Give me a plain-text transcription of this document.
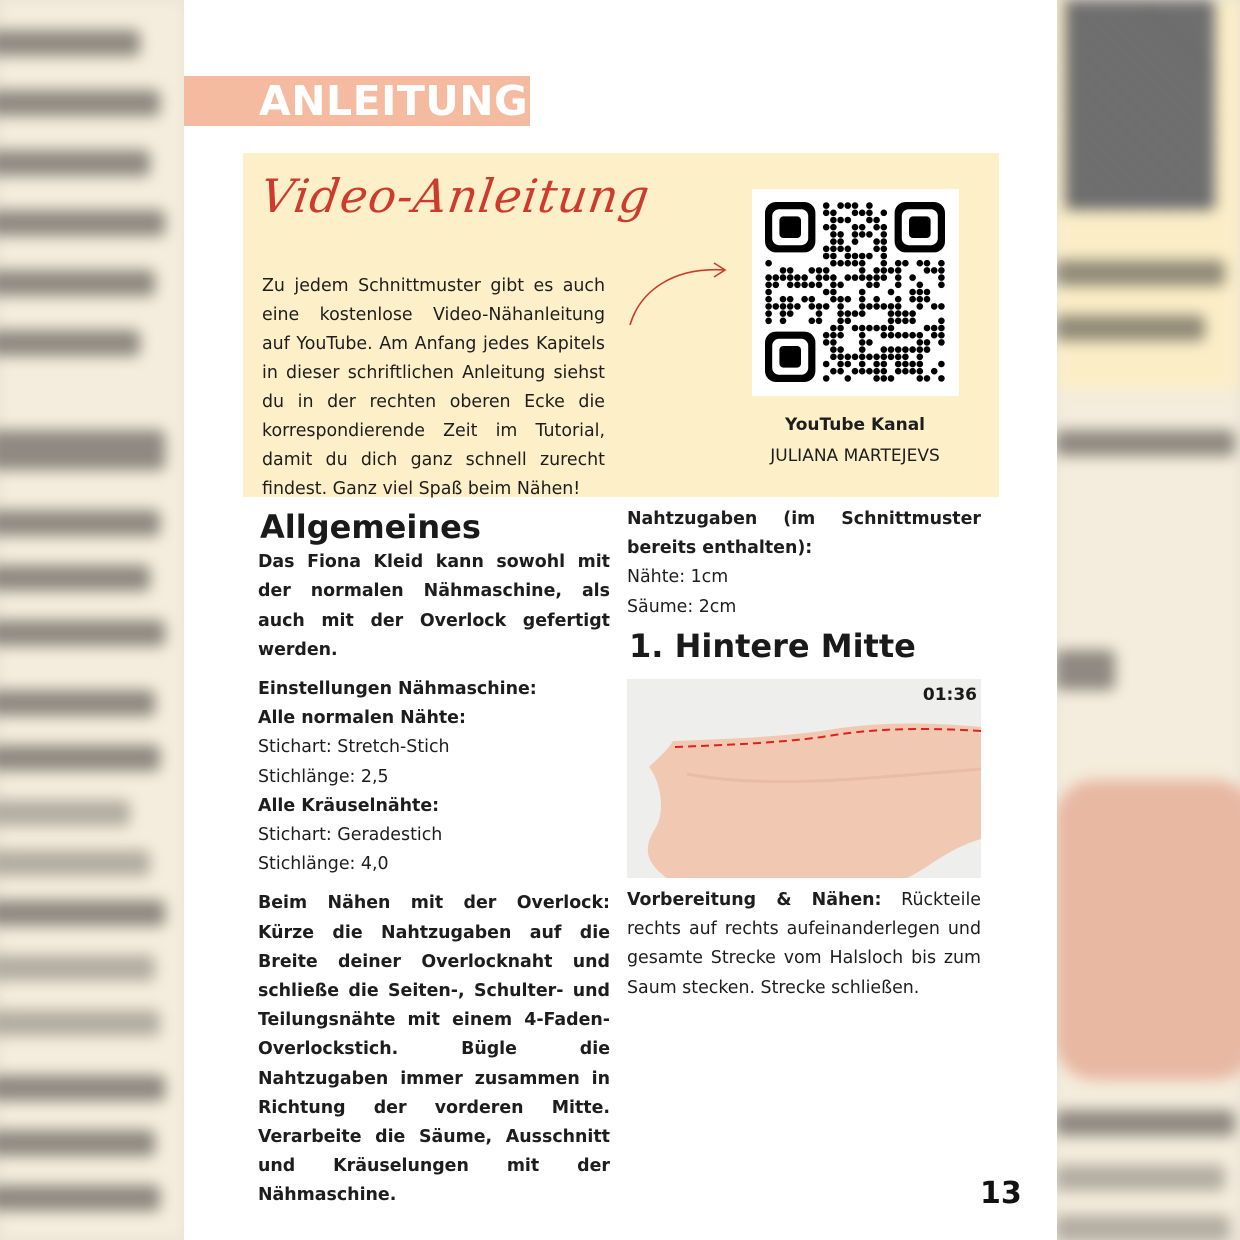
ANLEITUNG
Video-Anleitung

Zu jedem Schnittmuster gibt es auch eine kostenlose Video-Nähanleitung auf YouTube. Am Anfang jedes Kapitels in dieser schriftlichen Anleitung siehst du in der rechten oberen Ecke die korrespondierende Zeit im Tutorial, damit du dich ganz schnell zurecht findest. Ganz viel Spaß beim Nähen!

YouTube Kanal
JULIANA MARTEJEVS
Allgemeines

Das Fiona Kleid kann sowohl mit der normalen Nähmaschine, als auch mit der Overlock gefertigt werden.

Einstellungen Nähmaschine:
Alle normalen Nähte:
Stichart: Stretch-Stich
Stichlänge: 2,5
Alle Kräuselnähte:
Stichart: Geradestich
Stichlänge: 4,0

Beim Nähen mit der Overlock: Kürze die Nahtzugaben auf die Breite deiner Overlocknaht und schließe die Seiten-, Schulter- und Teilungsnähte mit einem 4-Faden-Overlockstich. Bügle die Nahtzugaben immer zusammen in Richtung der vorderen Mitte. Verarbeite die Säume, Ausschnitt und Kräuselungen mit der Nähmaschine.

Nahtzugaben (im Schnittmuster bereits enthalten):

Nähte: 1cm
Säume: 2cm
1. Hintere Mitte
01:36

Vorbereitung & Nähen: Rückteile rechts auf rechts aufeinanderlegen und gesamte Strecke vom Halsloch bis zum Saum stecken. Strecke schließen.

13
